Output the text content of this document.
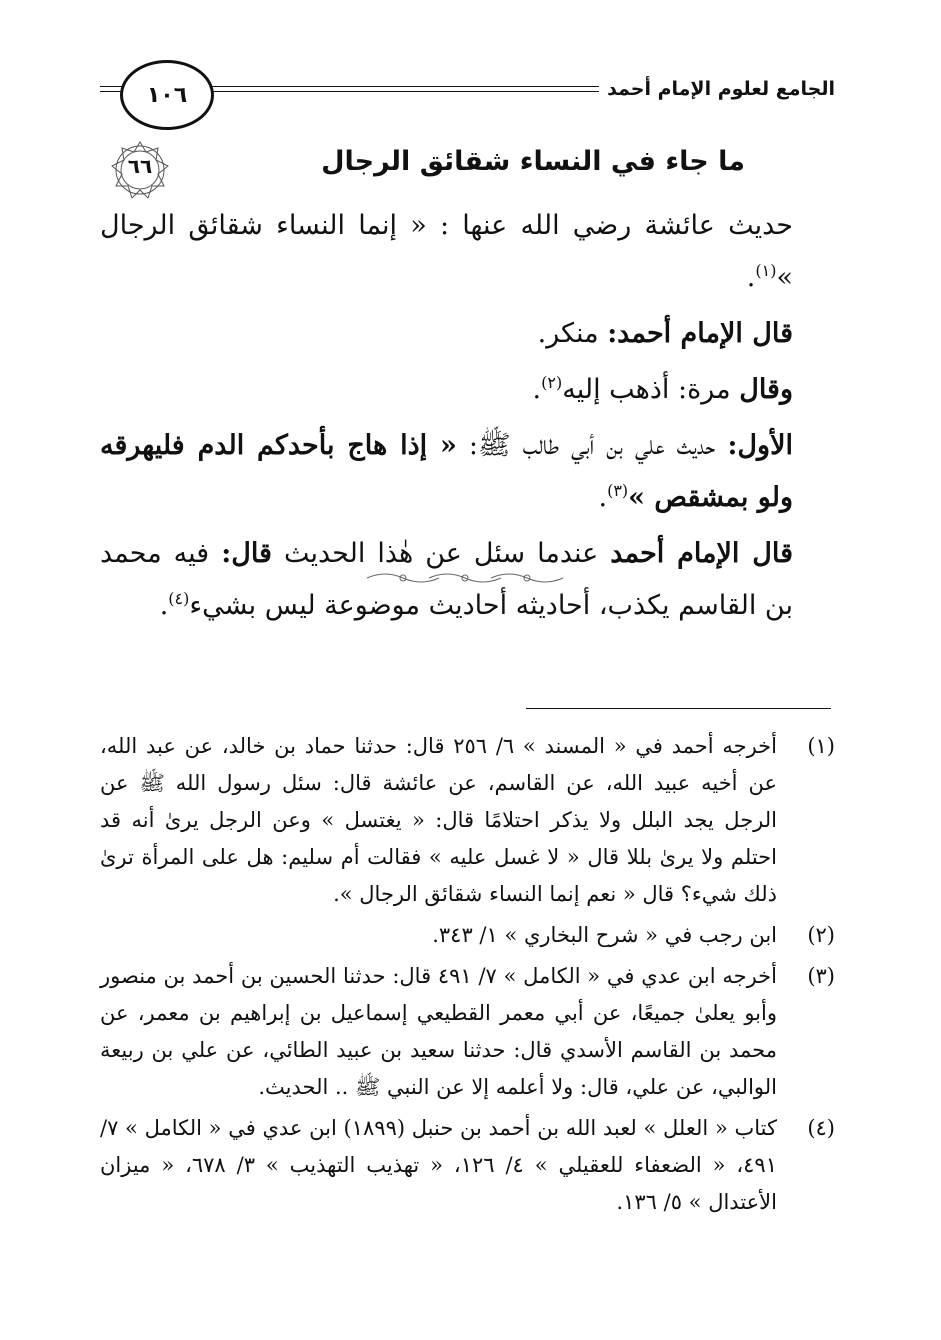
الجامع لعلوم الإمام أحمد
١٠٦
٦٦	ما جاء في النساء شقائق الرجال

حديث عائشة رضي الله عنها : « إنما النساء شقائق الرجال »$^{(١)}$.

قال الإمام أحمد: منكر.

وقال مرة: أذهب إليه$^{(٢)}$.

الأول: حديث علي بن أبي طالب ﷺ: « إذا هاج بأحدكم الدم فليهرقه ولو بمشقص »$^{(٣)}$.

قال الإمام أحمد عندما سئل عن هٰذا الحديث قال: فيه محمد بن القاسم يكذب، أحاديثه أحاديث موضوعة ليس بشيء$^{(٤)}$.

(١)
أخرجه أحمد في « المسند » ٦/ ٢٥٦ قال: حدثنا حماد بن خالد، عن عبد الله، عن أخيه عبيد الله، عن القاسم، عن عائشة قال: سئل رسول الله ﷺ عن الرجل يجد البلل ولا يذكر احتلامًا قال: « يغتسل » وعن الرجل يرىٰ أنه قد احتلم ولا يرىٰ بللا قال « لا غسل عليه » فقالت أم سليم: هل على المرأة ترىٰ ذلك شيء؟ قال « نعم إنما النساء شقائق الرجال ».
(٢)
ابن رجب في « شرح البخاري » ١/ ٣٤٣.
(٣)
أخرجه ابن عدي في « الكامل » ٧/ ٤٩١ قال: حدثنا الحسين بن أحمد بن منصور وأبو يعلىٰ جميعًا، عن أبي معمر القطيعي إسماعيل بن إبراهيم بن معمر، عن محمد بن القاسم الأسدي قال: حدثنا سعيد بن عبيد الطائي، عن علي بن ربيعة الوالبي، عن علي، قال: ولا أعلمه إلا عن النبي ﷺ .. الحديث.
(٤)
كتاب « العلل » لعبد الله بن أحمد بن حنبل (١٨٩٩) ابن عدي في « الكامل » ٧/ ٤٩١، « الضعفاء للعقيلي » ٤/ ١٢٦، « تهذيب التهذيب » ٣/ ٦٧٨، « ميزان الأعتدال » ٥/ ١٣٦.
